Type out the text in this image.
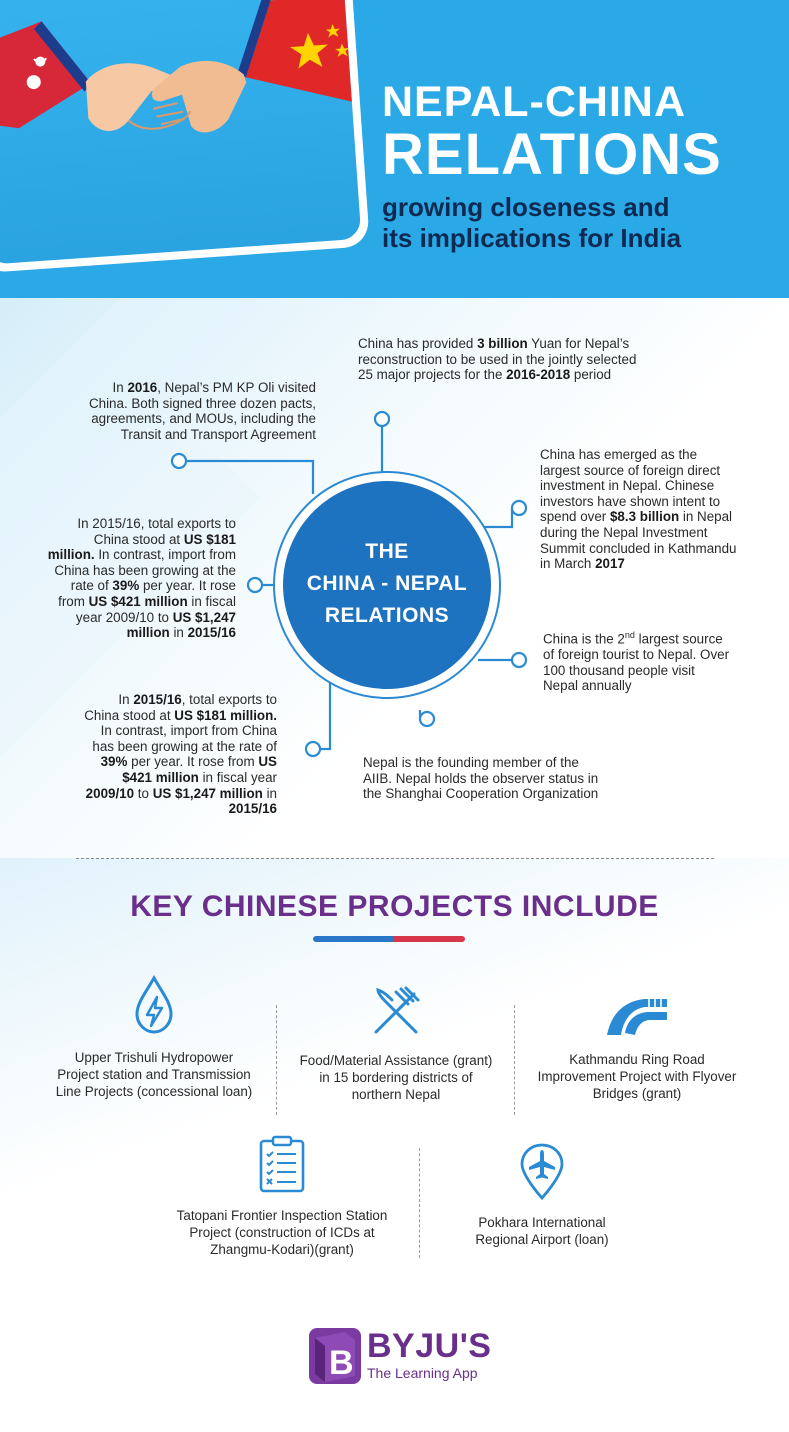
NEPAL-CHINA
RELATIONS
growing closeness and
its implications for India
THE
CHINA - NEPAL
RELATIONS
China has provided 3 billion Yuan for Nepal’s reconstruction to be used in the jointly selected 25 major projects for the 2016-2018 period
In 2016, Nepal’s PM KP Oli visited China. Both signed three dozen pacts, agreements, and MOUs, including the Transit and Transport Agreement
China has emerged as the largest source of foreign direct investment in Nepal. Chinese investors have shown intent to spend over $8.3 billion in Nepal during the Nepal Investment Summit concluded in Kathmandu in March 2017
In 2015/16, total exports to China stood at US $181 million. In contrast, import from China has been growing at the rate of 39% per year. It rose from US $421 million in fiscal year 2009/10 to US $1,247 million in 2015/16	China is the 2nd largest source of foreign tourist to Nepal. Over 100 thousand people visit Nepal annually
In 2015/16, total exports to China stood at US $181 million. In contrast, import from China has been growing at the rate of 39% per year. It rose from US $421 million in fiscal year 2009/10 to US $1,247 million in 2015/16
Nepal is the founding member of the AIIB. Nepal holds the observer status in the Shanghai Cooperation Organization
KEY CHINESE PROJECTS INCLUDE
Upper Trishuli Hydropower Project station and Transmission Line Projects (concessional loan)
Food/Material Assistance (grant) in 15 bordering districts of northern Nepal
Kathmandu Ring Road Improvement Project with Flyover Bridges (grant)
Tatopani Frontier Inspection Station Project (construction of ICDs at Zhangmu-Kodari)(grant)
Pokhara International Regional Airport (loan)
B BYJU'S
The Learning App
